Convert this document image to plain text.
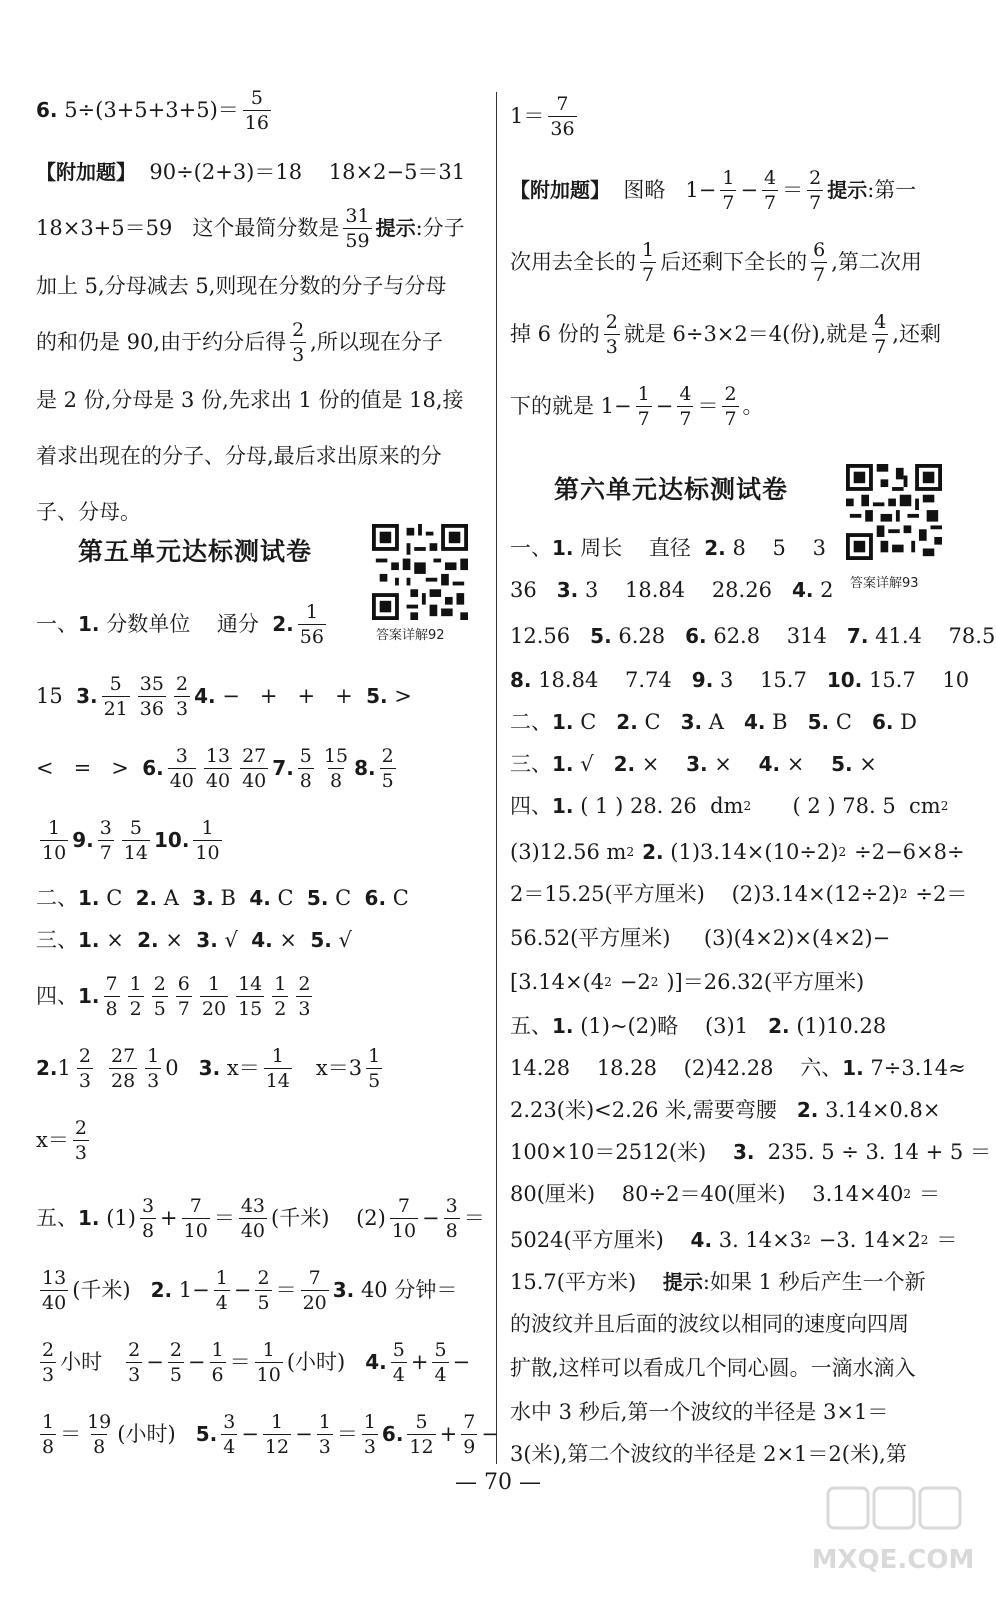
6. $5\div(3+5+3+5)= \frac{5}{16}$
【附加题】 90÷(2+3)＝18    18×2−5＝31
18×3+5＝59   这个最简分数是 $\frac{31}{59}$ 提示 :分子
加上 5,分母减去 5,则现在分数的分子与分母
的和仍是 90,由于约分后得 $\frac{2}{3}$ ,所以现在分子
是 2 份,分母是 3 份,先求出 1 份的值是 18,接
着求出现在的分子、分母,最后求出原来的分
子、分母。
第五单元达标测试卷
答案详解92
一、 1. 分数单位    通分 2. $\frac{1}{56}$
15 3. $\frac{5}{21} \frac{35}{36} \frac{2}{3} 4$. −   +   +   + 5. >
<   =   > 6. $\frac{3}{40} \frac{13}{40} \frac{27}{40} 7$. $\frac{5}{8} \frac{15}{8} 8$. $\frac{2}{5}$
$\frac{1}{10} 9$. $\frac{3}{7} \frac{5}{14} 10$. $\frac{1}{10}$
二、 1. C 2. A 3. B 4. C 5. C 6. C
三、 1. × 2. × 3. √ 4. × 5. √
四、 1. $\frac{7}{8} \frac{1}{2} \frac{2}{5} \frac{6}{7} \frac{1}{20} \frac{14}{15} \frac{1}{2} \frac{2}{3}$
2. $1 \frac{2}{3} \frac{27}{28} \frac{1}{3} 0$ 3. $x= \frac{1}{14} x=3 \frac{1}{5}$
$x= \frac{2}{3}$
五、 1. $(1) \frac{3}{8} + \frac{7}{10} = \frac{43}{40}$ (千米)    $(2) \frac{7}{10} - \frac{3}{8}$ ＝
$\frac{13}{40}$ (千米) 2. $1- \frac{1}{4} - \frac{2}{5} = \frac{7}{20} 3$. 40 分钟＝
$\frac{2}{3}$ 小时 $\frac{2}{3} - \frac{2}{5} - \frac{1}{6} = \frac{1}{10}$ (小时) 4. $\frac{5}{4} + \frac{5}{4}$ −
$\frac{1}{8} = \frac{19}{8}$ (小时) 5. $\frac{3}{4} - \frac{1}{12} - \frac{1}{3} = \frac{1}{3} 6$. $\frac{5}{12} + \frac{7}{9}$ −
$1= \frac{7}{36}$
【附加题】 图略   $1- \frac{1}{7} - \frac{4}{7} = \frac{2}{7}$ 提示 :第一
次用去全长的 $\frac{1}{7}$ 后还剩下全长的 $\frac{6}{7}$ ,第二次用
掉 6 份的 $\frac{2}{3}$ 就是 6÷3×2＝4(份),就是 $\frac{4}{7}$ ,还剩
下的就是 $1- \frac{1}{7} - \frac{4}{7} = \frac{2}{7}$ 。
第六单元达标测试卷
答案详解93
一、 1. 周长    直径 2. 8    5    3
36 3. 3    18.84    28.26 4. 2
12.56 5. 6.28 6. 62.8    314 7. 41.4    78.5
8. 18.84    7.74 9. 3    15.7 10. 15.7    10
二、 1. C 2. C 3. A 4. B 5. C 6. D
三、 1. √ 2. × 3. × 4. × 5. ×
四、 1. ( 1 ) 28. 26  dm 2 ( 2 ) 78. 5  cm 2
(3)12.56 m 2 2. (1)3.14×(10÷2) 2 ÷2−6×8÷
2＝15.25(平方厘米)    (2)3.14×(12÷2) 2 ÷2＝
56.52(平方厘米)     (3)(4×2)×(4×2)−
[3.14×(4 2 −2 2 )]＝26.32(平方厘米)
五、 1. (1)~(2)略    (3)1 2. (1)10.28
14.28    18.28    (2)42.28    六、 1. 7÷3.14≈
2.23(米)<2.26 米,需要弯腰 2. 3.14×0.8×
100×10＝2512(米) 3. 235. 5 ÷ 3. 14 + 5 ＝
80(厘米)    80÷2＝40(厘米)    3.14×40 2 ＝
5024(平方厘米) 4. 3. 14×3 2 −3. 14×2 2 ＝
15.7(平方米) 提示 :如果 1 秒后产生一个新
的波纹并且后面的波纹以相同的速度向四周
扩散,这样可以看成几个同心圆。一滴水滴入
水中 3 秒后,第一个波纹的半径是 3×1＝
3(米),第二个波纹的半径是 2×1＝2(米),第
— 70 —
MXQE.COM
